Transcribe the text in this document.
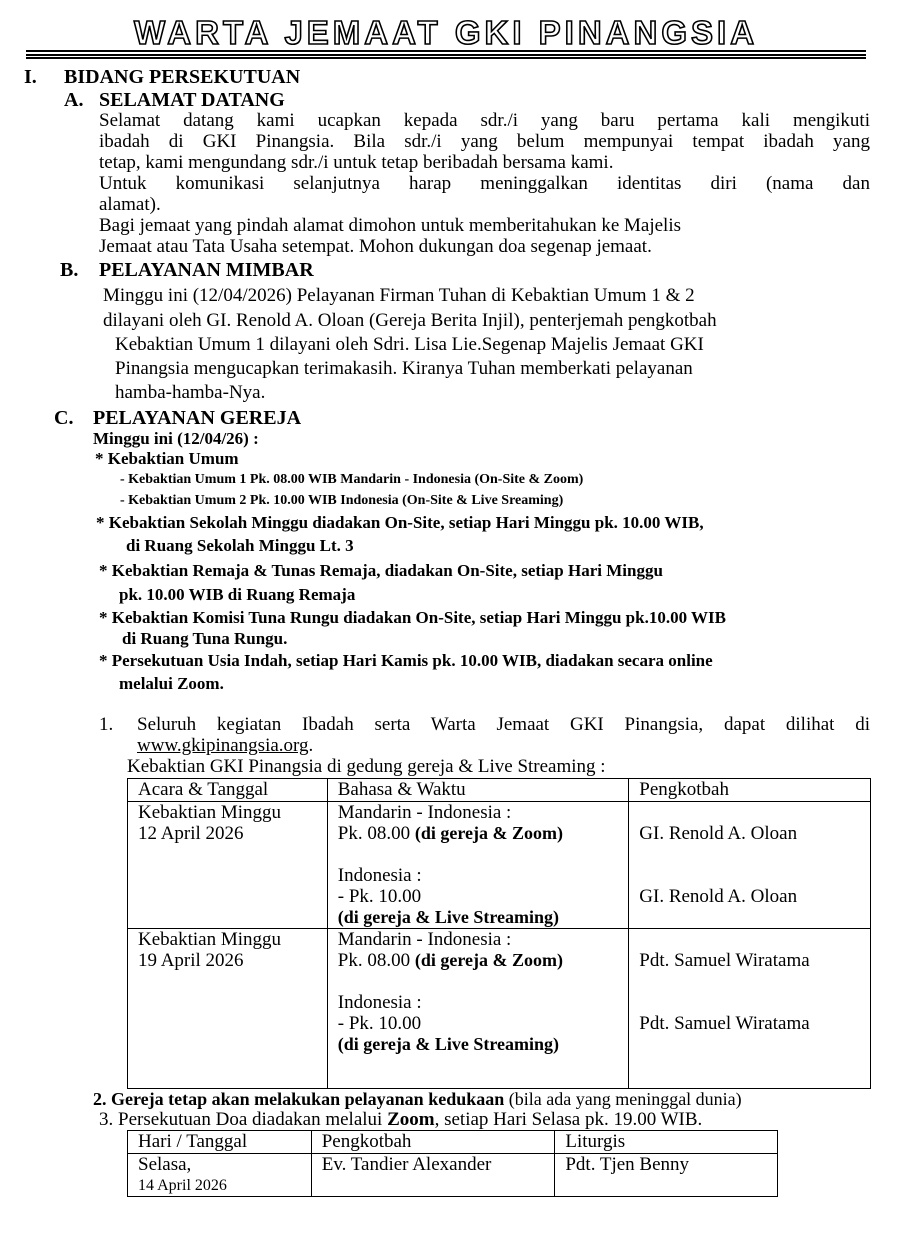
WARTA JEMAAT GKI PINANGSIA
I. BIDANG PERSEKUTUAN
A. SELAMAT DATANG
Selamat datang kami ucapkan kepada sdr./i yang baru pertama kali mengikuti
ibadah di GKI Pinangsia. Bila sdr./i yang belum mempunyai tempat ibadah yang
tetap, kami mengundang sdr./i untuk tetap beribadah bersama kami.
Untuk komunikasi selanjutnya harap meninggalkan identitas diri (nama dan
alamat).
Bagi jemaat yang pindah alamat dimohon untuk memberitahukan ke Majelis
Jemaat atau Tata Usaha setempat. Mohon dukungan doa segenap jemaat.
B. PELAYANAN MIMBAR
Minggu ini (12/04/2026) Pelayanan Firman Tuhan di Kebaktian Umum 1 & 2
dilayani oleh GI. Renold A. Oloan (Gereja Berita Injil), penterjemah pengkotbah
Kebaktian Umum 1 dilayani oleh Sdri. Lisa Lie.Segenap Majelis Jemaat GKI
Pinangsia mengucapkan terimakasih. Kiranya Tuhan memberkati pelayanan
hamba-hamba-Nya.
C. PELAYANAN GEREJA
Minggu ini (12/04/26) :
* Kebaktian Umum
- Kebaktian Umum 1 Pk. 08.00 WIB Mandarin - Indonesia (On-Site & Zoom)
- Kebaktian Umum 2 Pk. 10.00 WIB Indonesia (On-Site & Live Sreaming)
* Kebaktian Sekolah Minggu diadakan On-Site, setiap Hari Minggu pk. 10.00 WIB,
di Ruang Sekolah Minggu Lt. 3
* Kebaktian Remaja & Tunas Remaja, diadakan On-Site, setiap Hari Minggu
pk. 10.00 WIB di Ruang Remaja
* Kebaktian Komisi Tuna Rungu diadakan On-Site, setiap Hari Minggu pk.10.00 WIB
di Ruang Tuna Rungu.
* Persekutuan Usia Indah, setiap Hari Kamis pk. 10.00 WIB, diadakan secara online
melalui Zoom.
1. Seluruh kegiatan Ibadah serta Warta Jemaat GKI Pinangsia, dapat dilihat di
www.gkipinangsia.org.
Kebaktian GKI Pinangsia di gedung gereja & Live Streaming :
Acara & Tanggal	Bahasa & Waktu	Pengkotbah

Kebaktian Minggu
12 April 2026	Mandarin - Indonesia :
Pk. 08.00 (di gereja & Zoom)
Indonesia :
- Pk. 10.00
(di gereja & Live Streaming)	GI. Renold A. Oloan
GI. Renold A. Oloan

Kebaktian Minggu
19 April 2026	Mandarin - Indonesia :
Pk. 08.00 (di gereja & Zoom)
Indonesia :
- Pk. 10.00
(di gereja & Live Streaming)	Pdt. Samuel Wiratama
Pdt. Samuel Wiratama
2. Gereja tetap akan melakukan pelayanan kedukaan (bila ada yang meninggal dunia)
3. Persekutuan Doa diadakan melalui Zoom, setiap Hari Selasa pk. 19.00 WIB.
Hari / Tanggal	Pengkotbah	Liturgis

Selasa,
14 April 2026	Ev. Tandier Alexander	Pdt. Tjen Benny
